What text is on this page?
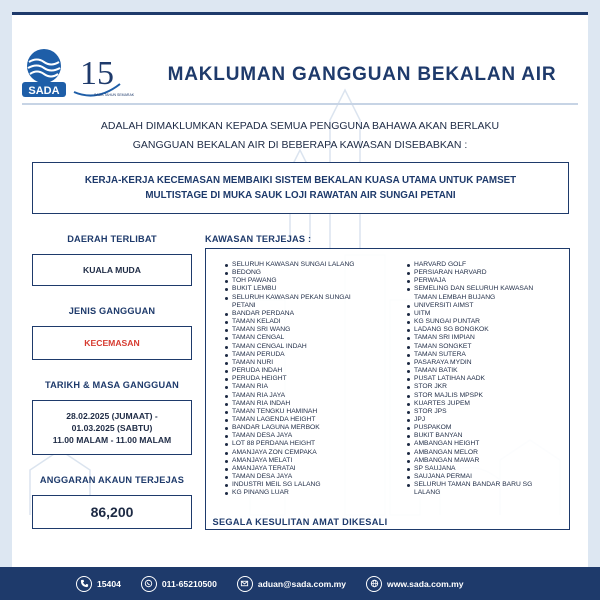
SADA 15
SADA TAHUN SEMARAK
MAKLUMAN GANGGUAN BEKALAN AIR
ADALAH DIMAKLUMKAN KEPADA SEMUA PENGGUNA BAHAWA AKAN BERLAKU GANGGUAN BEKALAN AIR DI BEBERAPA KAWASAN DISEBABKAN :
KERJA-KERJA KECEMASAN MEMBAIKI SISTEM BEKALAN KUASA UTAMA UNTUK PAMSET MULTISTAGE DI MUKA SAUK LOJI RAWATAN AIR SUNGAI PETANI
DAERAH TERLIBAT
KUALA MUDA
JENIS GANGGUAN
KECEMASAN
TARIKH & MASA GANGGUAN
28.02.2025 (JUMAAT) -
01.03.2025 (SABTU)
11.00 MALAM - 11.00 MALAM
ANGGARAN AKAUN TERJEJAS
86,200
KAWASAN TERJEJAS :
SELURUH KAWASAN SUNGAI LALANG
BEDONG
TOH PAWANG
BUKIT LEMBU
SELURUH KAWASAN PEKAN SUNGAI PETANI
BANDAR PERDANA
TAMAN KELADI
TAMAN SRI WANG
TAMAN CENGAL
TAMAN CENGAL INDAH
TAMAN PERUDA
TAMAN NURI
PERUDA INDAH
PERUDA HEIGHT
TAMAN RIA
TAMAN RIA JAYA
TAMAN RIA INDAH
TAMAN TENGKU HAMINAH
TAMAN LAGENDA HEIGHT
BANDAR LAGUNA MERBOK
TAMAN DESA JAYA
LOT 88 PERDANA HEIGHT
AMANJAYA ZON CEMPAKA
AMANJAYA MELATI
AMANJAYA TERATAI
TAMAN DESA JAYA
INDUSTRI MEIL SG LALANG
KG PINANG LUAR
HARVARD GOLF
PERSIARAN HARVARD
PERWAJA
SEMELING DAN SELURUH KAWASAN TAMAN LEMBAH BUJANG
UNIVERSITI AIMST
UITM
KG SUNGAI PUNTAR
LADANG SG BONGKOK
TAMAN SRI IMPIAN
TAMAN SONGKET
TAMAN SUTERA
PASARAYA MYDIN
TAMAN BATIK
PUSAT LATIHAN AADK
STOR JKR
STOR MAJLIS MPSPK
KUARTES JUPEM
STOR JPS
JPJ
PUSPAKOM
BUKIT BANYAN
AMBANGAN HEIGHT
AMBANGAN MELOR
AMBANGAN MAWAR
SP SAUJANA
SAUJANA PERMAI
SELURUH TAMAN BANDAR BARU SG LALANG
SEGALA KESULITAN AMAT DIKESALI
15404	011-65210500	aduan@sada.com.my	www.sada.com.my
